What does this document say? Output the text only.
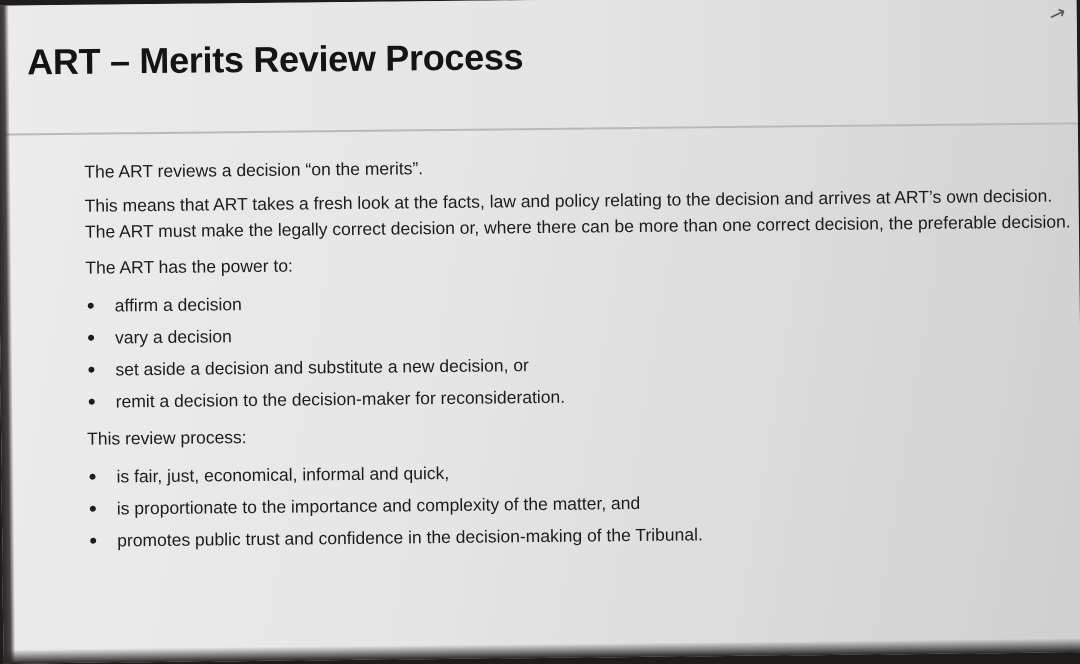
ART – Merits Review Process
↗

The ART reviews a decision “on the merits”.

This means that ART takes a fresh look at the facts, law and policy relating to the decision and arrives at ART’s own decision. The ART must make the legally correct decision or, where there can be more than one correct decision, the preferable decision.

The ART has the power to:

affirm a decision
vary a decision
set aside a decision and substitute a new decision, or
remit a decision to the decision-maker for reconsideration.

This review process:

is fair, just, economical, informal and quick,
is proportionate to the importance and complexity of the matter, and
promotes public trust and confidence in the decision-making of the Tribunal.
